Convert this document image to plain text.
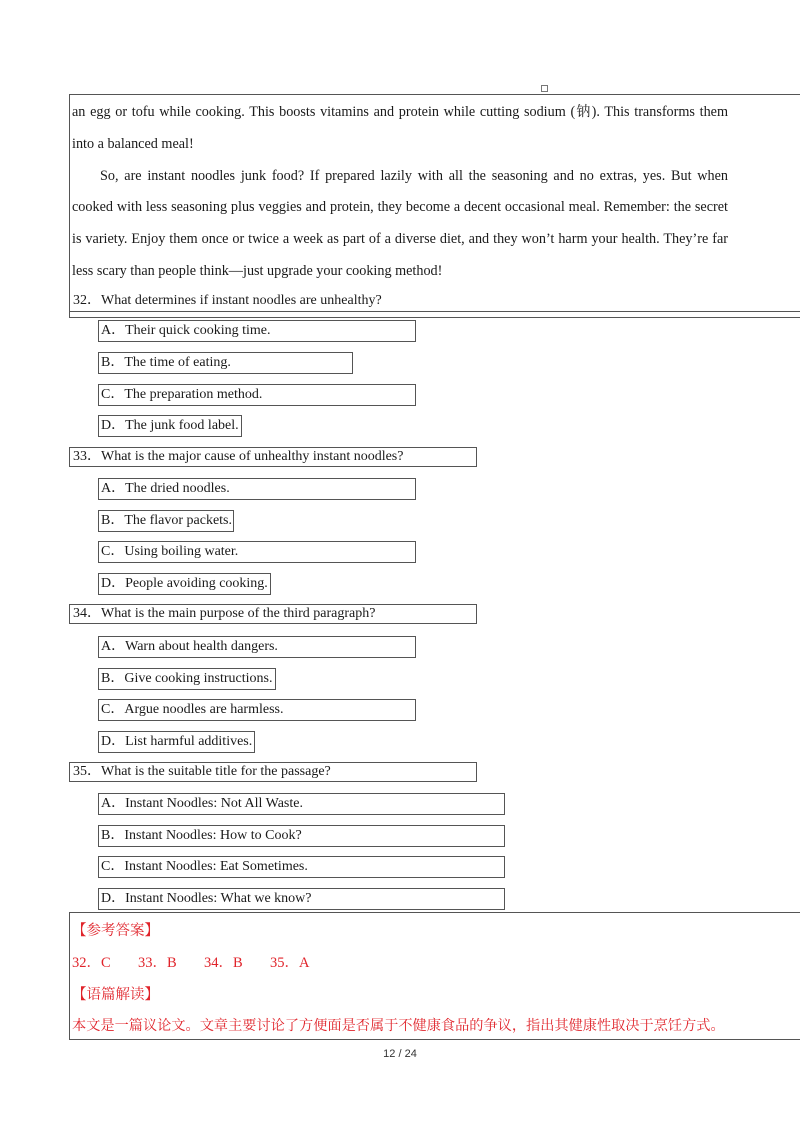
an egg or tofu while cooking. This boosts vitamins and protein while cutting sodium (钠). This transforms them
into a balanced meal!
So, are instant noodles junk food? If prepared lazily with all the seasoning and no extras, yes. But when
cooked with less seasoning plus veggies and protein, they become a decent occasional meal. Remember: the secret
is variety. Enjoy them once or twice a week as part of a diverse diet, and they won’t harm your health. They’re far
less scary than people think—just upgrade your cooking method!
32．What determines if instant noodles are unhealthy?
A．Their quick cooking time.
B．The time of eating.
C．The preparation method.
D．The junk food label.
33．What is the major cause of unhealthy instant noodles?
A．The dried noodles.
B．The flavor packets.
C．Using boiling water.
D．People avoiding cooking.
34．What is the main purpose of the third paragraph?
A．Warn about health dangers.
B．Give cooking instructions.
C．Argue noodles are harmless.
D．List harmful additives.
35．What is the suitable title for the passage?
A．Instant Noodles: Not All Waste.
B．Instant Noodles: How to Cook?
C．Instant Noodles: Eat Sometimes.
D．Instant Noodles: What we know?
【参考答案】
32．C 33．B 34．B 35．A
【语篇解读】
本文是一篇议论文。文章主要讨论了方便面是否属于不健康食品的争议，指出其健康性取决于烹饪方式。
12 / 24
